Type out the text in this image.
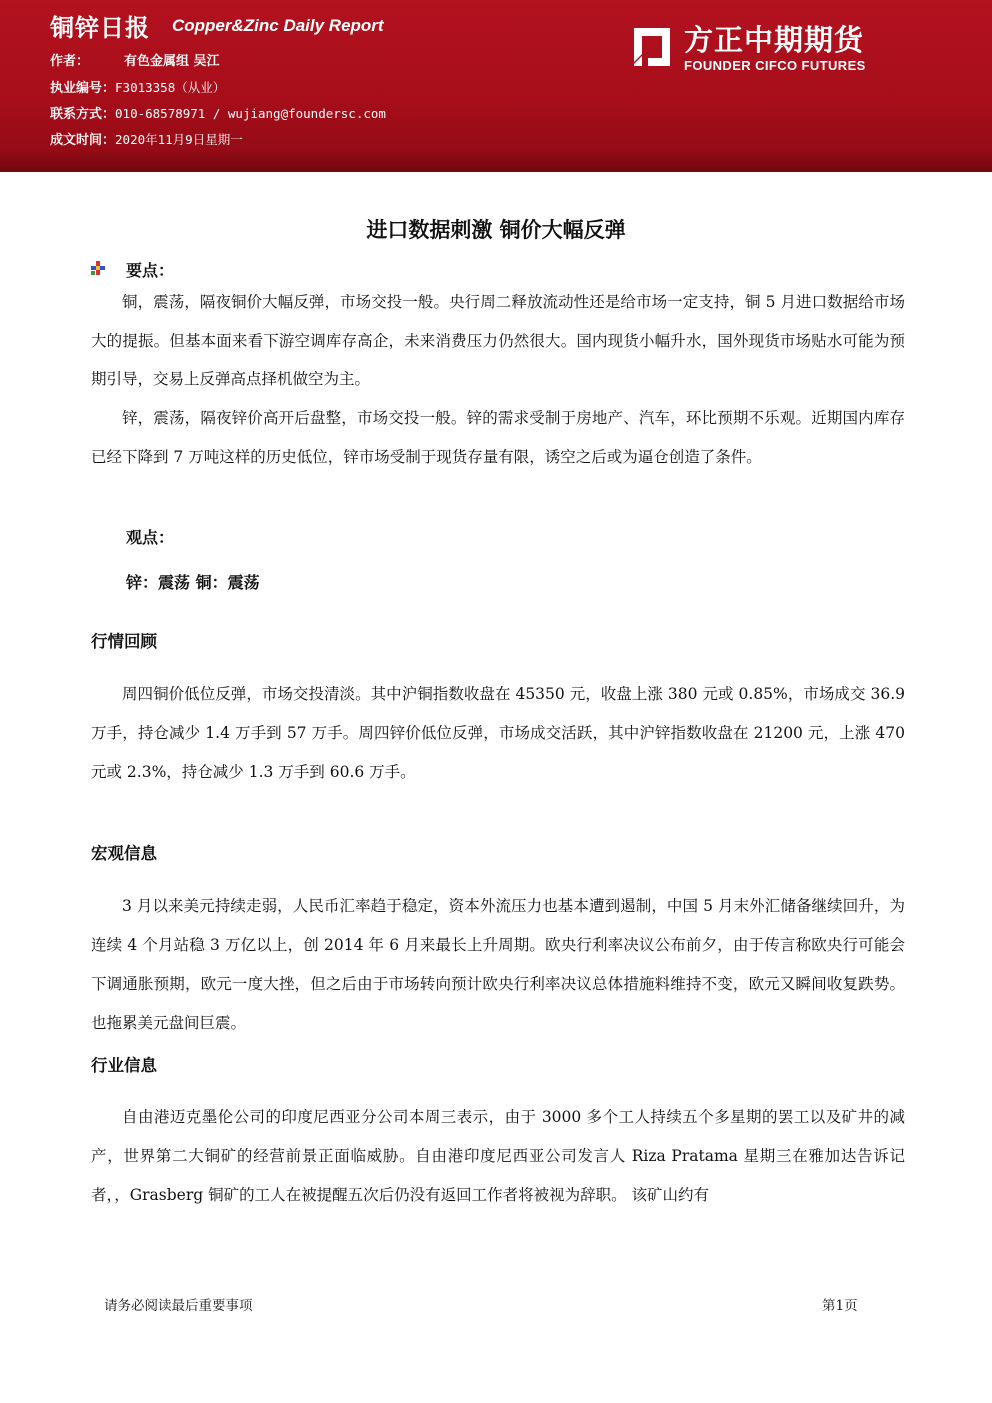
铜锌日报 Copper&Zinc Daily Report
作者：	有色金属组 吴江
执业编号：F3013358（从业）
联系方式：010-68578971 / wujiang@foundersc.com
成文时间：2020年11月9日星期一
方正中期期货
FOUNDER CIFCO FUTURES
进口数据刺激 铜价大幅反弹
要点：

铜，震荡，隔夜铜价大幅反弹，市场交投一般。央行周二释放流动性还是给市场一定支持，铜 5 月进口数据给市场大的提振。但基本面来看下游空调库存高企，未来消费压力仍然很大。国内现货小幅升水，国外现货市场贴水可能为预期引导，交易上反弹高点择机做空为主。

锌，震荡，隔夜锌价高开后盘整，市场交投一般。锌的需求受制于房地产、汽车，环比预期不乐观。近期国内库存已经下降到 7 万吨这样的历史低位，锌市场受制于现货存量有限，诱空之后或为逼仓创造了条件。

观点：
锌：震荡 铜：震荡
行情回顾

周四铜价低位反弹，市场交投清淡。其中沪铜指数收盘在 45350 元，收盘上涨 380 元或 0.85%，市场成交 36.9 万手，持仓减少 1.4 万手到 57 万手。周四锌价低位反弹，市场成交活跃，其中沪锌指数收盘在 21200 元，上涨 470 元或 2.3%，持仓减少 1.3 万手到 60.6 万手。

宏观信息

3 月以来美元持续走弱，人民币汇率趋于稳定，资本外流压力也基本遭到遏制，中国 5 月末外汇储备继续回升，为连续 4 个月站稳 3 万亿以上，创 2014 年 6 月来最长上升周期。欧央行利率决议公布前夕，由于传言称欧央行可能会下调通胀预期，欧元一度大挫，但之后由于市场转向预计欧央行利率决议总体措施料维持不变，欧元又瞬间收复跌势。也拖累美元盘间巨震。

行业信息

自由港迈克墨伦公司的印度尼西亚分公司本周三表示，由于 3000 多个工人持续五个多星期的罢工以及矿井的减产，世界第二大铜矿的经营前景正面临威胁。自由港印度尼西亚公司发言人 Riza Pratama 星期三在雅加达告诉记者，，Grasberg 铜矿的工人在被提醒五次后仍没有返回工作者将被视为辞职。 该矿山约有

请务必阅读最后重要事项	第1页
